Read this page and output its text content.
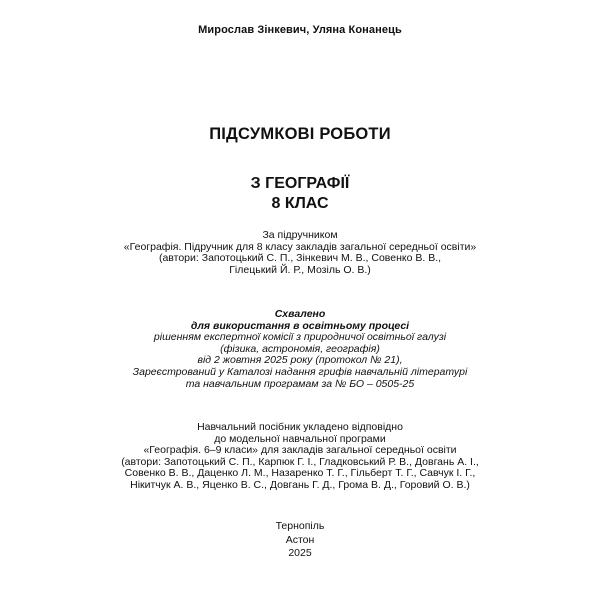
Мирослав Зінкевич, Уляна Конанець
ПІДСУМКОВІ РОБОТИ
З ГЕОГРАФІЇ
8 КЛАС
За підручником
«Географія. Підручник для 8 класу закладів загальної середньої освіти»
(автори: Запотоцький С. П., Зінкевич М. В., Совенко В. В.,
Гілецький Й. Р., Мозіль О. В.)
Схвалено
для використання в освітньому процесі
рішенням експертної комісії з природничої освітньої галузі
(фізика, астрономія, географія)
від 2 жовтня 2025 року (протокол № 21),
Зареєстрований у Каталозі надання грифів навчальній літературі
та навчальним програмам за № БО – 0505-25
Навчальний посібник укладено відповідно
до модельної навчальної програми
«Географія. 6–9 класи» для закладів загальної середньої освіти
(автори: Запотоцький С. П., Карпюк Г. І., Гладковський Р. В., Довгань А. І.,
Совенко В. В., Даценко Л. М., Назаренко Т. Г., Гільберт Т. Г., Савчук І. Г.,
Нікитчук А. В., Яценко В. С., Довгань Г. Д., Грома В. Д., Горовий О. В.)
Тернопіль
Астон
2025
